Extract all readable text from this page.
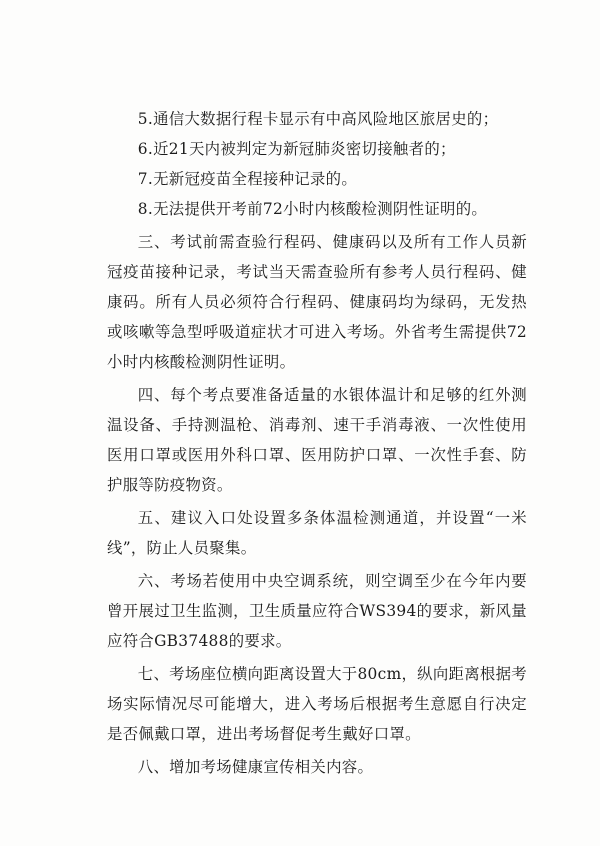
5.通信大数据行程卡显示有中高风险地区旅居史的；

6.近21天内被判定为新冠肺炎密切接触者的；

7.无新冠疫苗全程接种记录的。

8.无法提供开考前72小时内核酸检测阴性证明的。

三、考试前需查验行程码、健康码以及所有工作人员新冠疫苗接种记录，考试当天需查验所有参考人员行程码、健康码。所有人员必须符合行程码、健康码均为绿码，无发热或咳嗽等急型呼吸道症状才可进入考场。外省考生需提供72小时内核酸检测阴性证明。

四、每个考点要准备适量的水银体温计和足够的红外测温设备、手持测温枪、消毒剂、速干手消毒液、一次性使用医用口罩或医用外科口罩、医用防护口罩、一次性手套、防护服等防疫物资。

五、建议入口处设置多条体温检测通道，并设置“一米线”，防止人员聚集。

六、考场若使用中央空调系统，则空调至少在今年内要曾开展过卫生监测，卫生质量应符合WS394的要求，新风量应符合GB37488的要求。

七、考场座位横向距离设置大于80cm，纵向距离根据考场实际情况尽可能增大，进入考场后根据考生意愿自行决定是否佩戴口罩，进出考场督促考生戴好口罩。

八、增加考场健康宣传相关内容。
